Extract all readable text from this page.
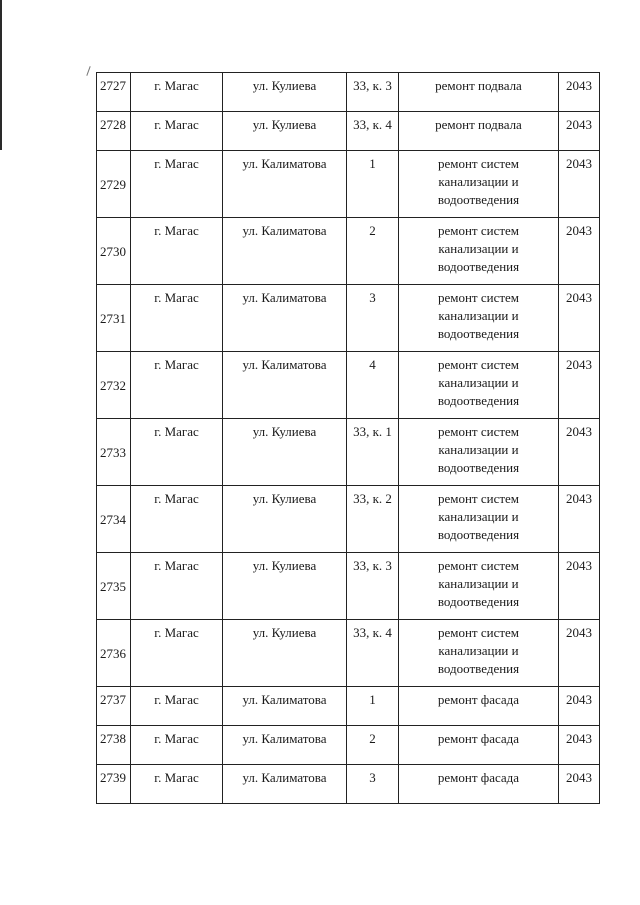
2727	г. Магас	ул. Кулиева	33, к. 3	ремонт подвала	2043
2728	г. Магас	ул. Кулиева	33, к. 4	ремонт подвала	2043
2729	г. Магас	ул. Калиматова	1	ремонт систем канализации и водоотведения	2043
2730	г. Магас	ул. Калиматова	2	ремонт систем канализации и водоотведения	2043
2731	г. Магас	ул. Калиматова	3	ремонт систем канализации и водоотведения	2043
2732	г. Магас	ул. Калиматова	4	ремонт систем канализации и водоотведения	2043
2733	г. Магас	ул. Кулиева	33, к. 1	ремонт систем канализации и водоотведения	2043
2734	г. Магас	ул. Кулиева	33, к. 2	ремонт систем канализации и водоотведения	2043
2735	г. Магас	ул. Кулиева	33, к. 3	ремонт систем канализации и водоотведения	2043
2736	г. Магас	ул. Кулиева	33, к. 4	ремонт систем канализации и водоотведения	2043
2737	г. Магас	ул. Калиматова	1	ремонт фасада	2043
2738	г. Магас	ул. Калиматова	2	ремонт фасада	2043
2739	г. Магас	ул. Калиматова	3	ремонт фасада	2043
